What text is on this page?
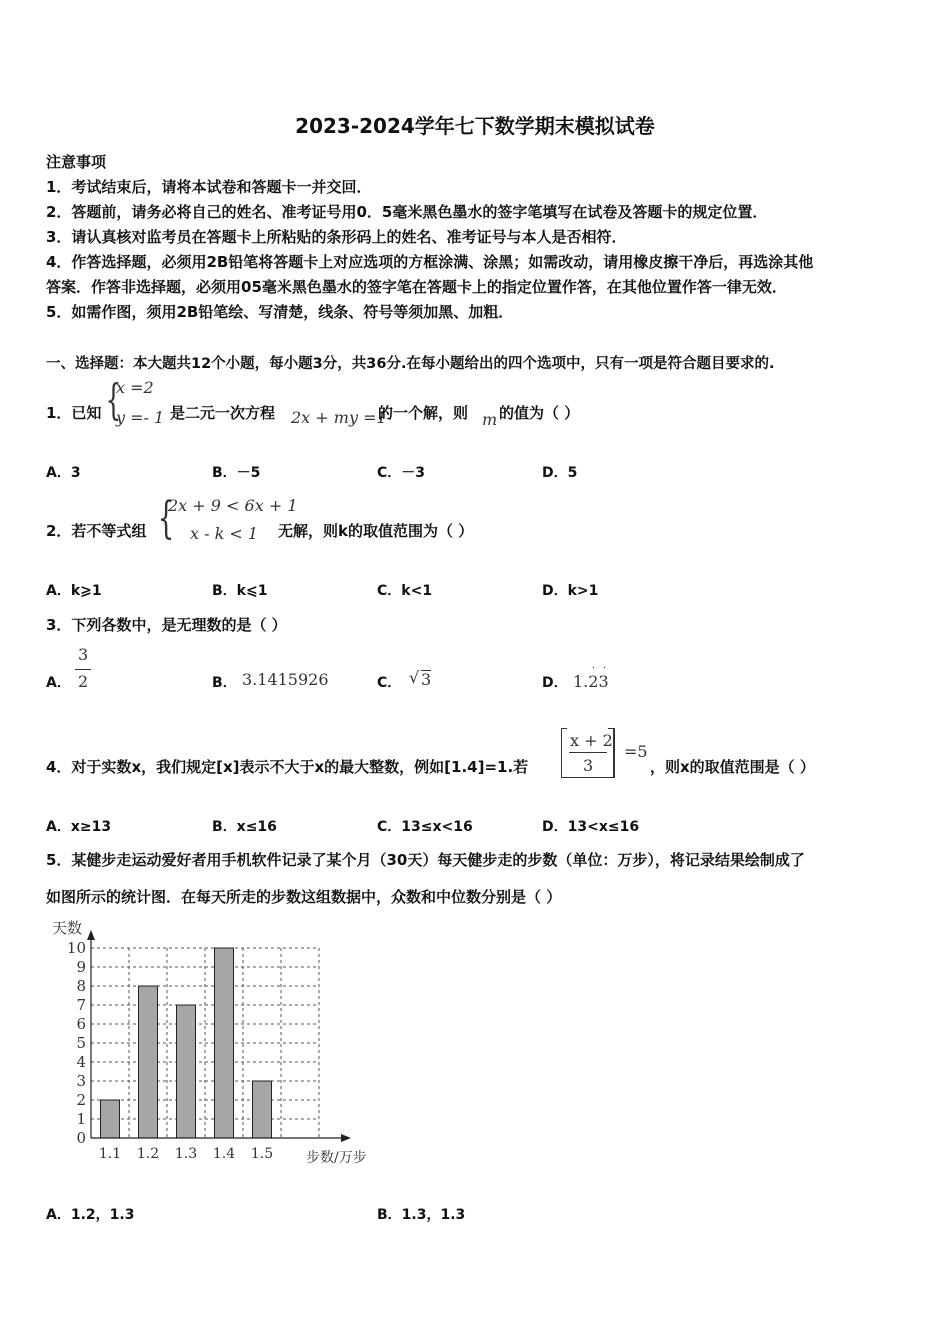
2023-2024学年七下数学期末模拟试卷
注意事项
1．考试结束后，请将本试卷和答题卡一并交回．
2．答题前，请务必将自己的姓名、准考证号用0．5毫米黑色墨水的签字笔填写在试卷及答题卡的规定位置．
3．请认真核对监考员在答题卡上所粘贴的条形码上的姓名、准考证号与本人是否相符．
4．作答选择题，必须用2B铅笔将答题卡上对应选项的方框涂满、涂黑；如需改动，请用橡皮擦干净后，再选涂其他
答案．作答非选择题，必须用05毫米黑色墨水的签字笔在答题卡上的指定位置作答，在其他位置作答一律无效．
5．如需作图，须用2B铅笔绘、写清楚，线条、符号等须加黑、加粗．
一、选择题：本大题共12个小题，每小题3分，共36分.在每小题给出的四个选项中，只有一项是符合题目要求的.
1．已知 {
x =2
y =- 1 是二元一次方程 2x + my =1
的一个解，则 m 的值为（ ）
A．3	B．－5	C．－3	D．5
2．若不等式组 {
2x + 9 < 6x + 1
x - k < 1 无解，则k的取值范围为（ ）
A．k⩾1	B．k⩽1	C．k<1	D．k>1
3．下列各数中，是无理数的是（ ）
A．
3
2	B． 3.1415926	C． √ 3	D．
· ·
1.23
4．对于实数x，我们规定[x]表示不大于x的最大整数，例如[1.4]=1.若
x + 2
3
=5
，则x的取值范围是（ ）
A．x≥13	B．x≤16	C．13≤x<16	D．13<x≤16
5．某健步走运动爱好者用手机软件记录了某个月（30天）每天健步走的步数（单位：万步），将记录结果绘制成了
如图所示的统计图．在每天所走的步数这组数据中，众数和中位数分别是（ ）
天数
步数/万步
0
1
2
3
4
5
6
7
8
9
10
1.1 1.2 1.3 1.4 1.5
A．1.2，1.3	B．1.3，1.3
